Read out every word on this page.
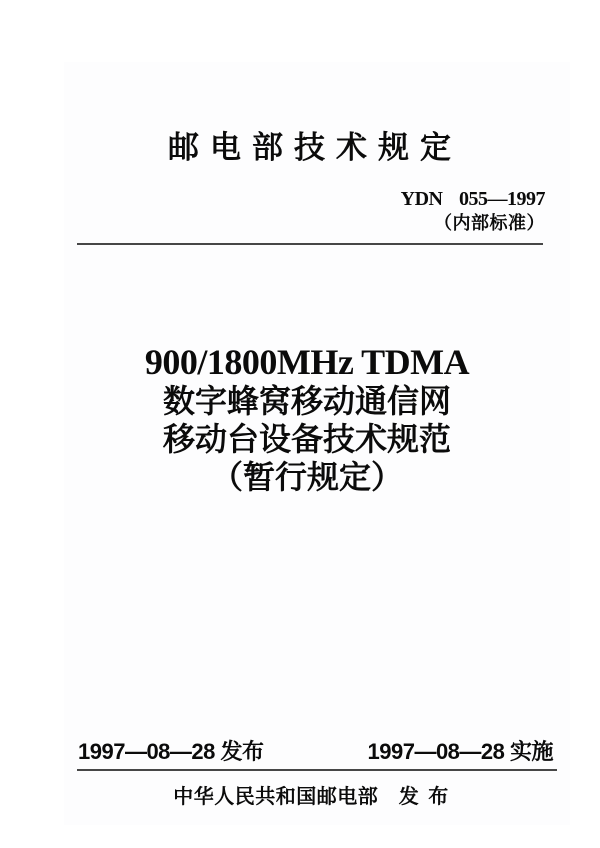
邮电部技术规定
YDN 055—1997
（内部标准）
900/1800MHz TDMA
数字蜂窝移动通信网
移动台设备技术规范
（暂行规定）
1997—08—28 发布	1997—08—28 实施
中华人民共和国邮电部　发 布
